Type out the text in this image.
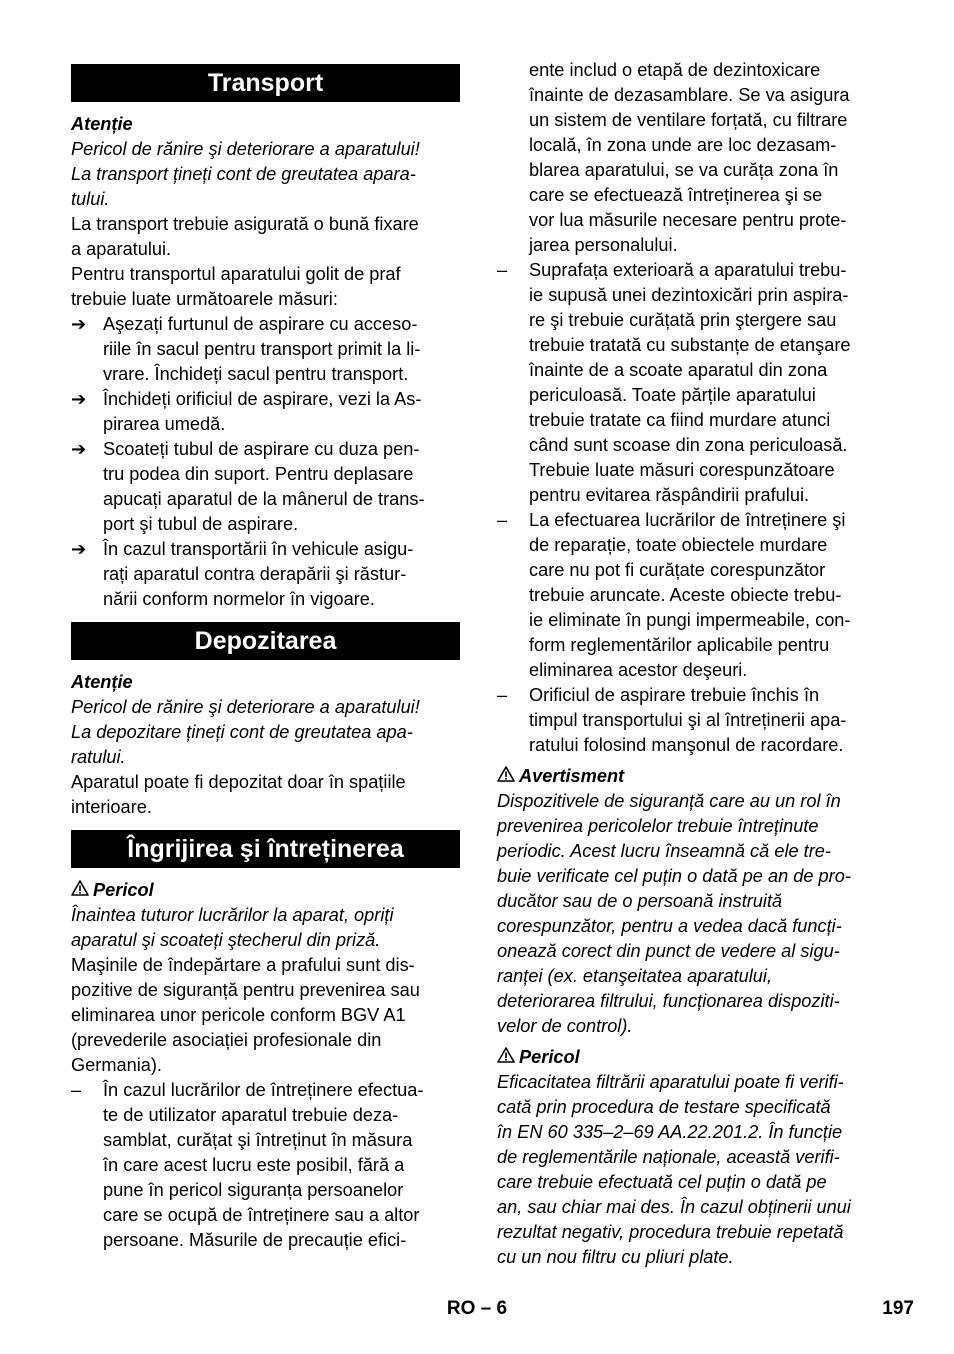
Transport
Atenție
Pericol de rănire şi deteriorare a aparatului!
La transport țineți cont de greutatea apara-
tului.
La transport trebuie asigurată o bună fixare
a aparatului.
Pentru transportul aparatului golit de praf
trebuie luate următoarele măsuri:
➔ Aşezați furtunul de aspirare cu acceso-
riile în sacul pentru transport primit la li-
vrare. Închideți sacul pentru transport.
➔ Închideți orificiul de aspirare, vezi la As-
pirarea umedă.
➔ Scoateți tubul de aspirare cu duza pen-
tru podea din suport. Pentru deplasare
apucați aparatul de la mânerul de trans-
port şi tubul de aspirare.
➔ În cazul transportării în vehicule asigu-
rați aparatul contra derapării şi răstur-
nării conform normelor în vigoare.
Depozitarea
Atenție
Pericol de rănire şi deteriorare a aparatului!
La depozitare țineți cont de greutatea apa-
ratului.
Aparatul poate fi depozitat doar în spațiile
interioare.
Îngrijirea şi întreținerea
Pericol
Înaintea tuturor lucrărilor la aparat, opriți
aparatul şi scoateți ştecherul din priză.
Maşinile de îndepărtare a prafului sunt dis-
pozitive de siguranță pentru prevenirea sau
eliminarea unor pericole conform BGV A1
(prevederile asociației profesionale din
Germania).
–	În cazul lucrărilor de întreținere efectua-
te de utilizator aparatul trebuie deza-
samblat, curățat şi întreținut în măsura
în care acest lucru este posibil, fără a
pune în pericol siguranța persoanelor
care se ocupă de întreținere sau a altor
persoane. Măsurile de precauție efici-
ente includ o etapă de dezintoxicare
înainte de dezasamblare. Se va asigura
un sistem de ventilare forțată, cu filtrare
locală, în zona unde are loc dezasam-
blarea aparatului, se va curăța zona în
care se efectuează întreținerea şi se
vor lua măsurile necesare pentru prote-
jarea personalului.
–	Suprafața exterioară a aparatului trebu-
ie supusă unei dezintoxicări prin aspira-
re şi trebuie curățată prin ştergere sau
trebuie tratată cu substanțe de etanşare
înainte de a scoate aparatul din zona
periculoasă. Toate părțile aparatului
trebuie tratate ca fiind murdare atunci
când sunt scoase din zona periculoasă.
Trebuie luate măsuri corespunzătoare
pentru evitarea răspândirii prafului.
–	La efectuarea lucrărilor de întreținere şi
de reparație, toate obiectele murdare
care nu pot fi curățate corespunzător
trebuie aruncate. Aceste obiecte trebu-
ie eliminate în pungi impermeabile, con-
form reglementărilor aplicabile pentru
eliminarea acestor deşeuri.
–	Orificiul de aspirare trebuie închis în
timpul transportului şi al întreținerii apa-
ratului folosind manşonul de racordare.
Avertisment
Dispozitivele de siguranță care au un rol în
prevenirea pericolelor trebuie întreținute
periodic. Acest lucru înseamnă că ele tre-
buie verificate cel puțin o dată pe an de pro-
ducător sau de o persoană instruită
corespunzător, pentru a vedea dacă funcți-
onează corect din punct de vedere al sigu-
ranței (ex. etanşeitatea aparatului,
deteriorarea filtrului, funcționarea dispoziti-
velor de control).
Pericol
Eficacitatea filtrării aparatului poate fi verifi-
cată prin procedura de testare specificată
în EN 60 335–2–69 AA.22.201.2. În funcție
de reglementările naționale, această verifi-
care trebuie efectuată cel puțin o dată pe
an, sau chiar mai des. În cazul obținerii unui
rezultat negativ, procedura trebuie repetată
cu un nou filtru cu pliuri plate.
RO – 6	197
